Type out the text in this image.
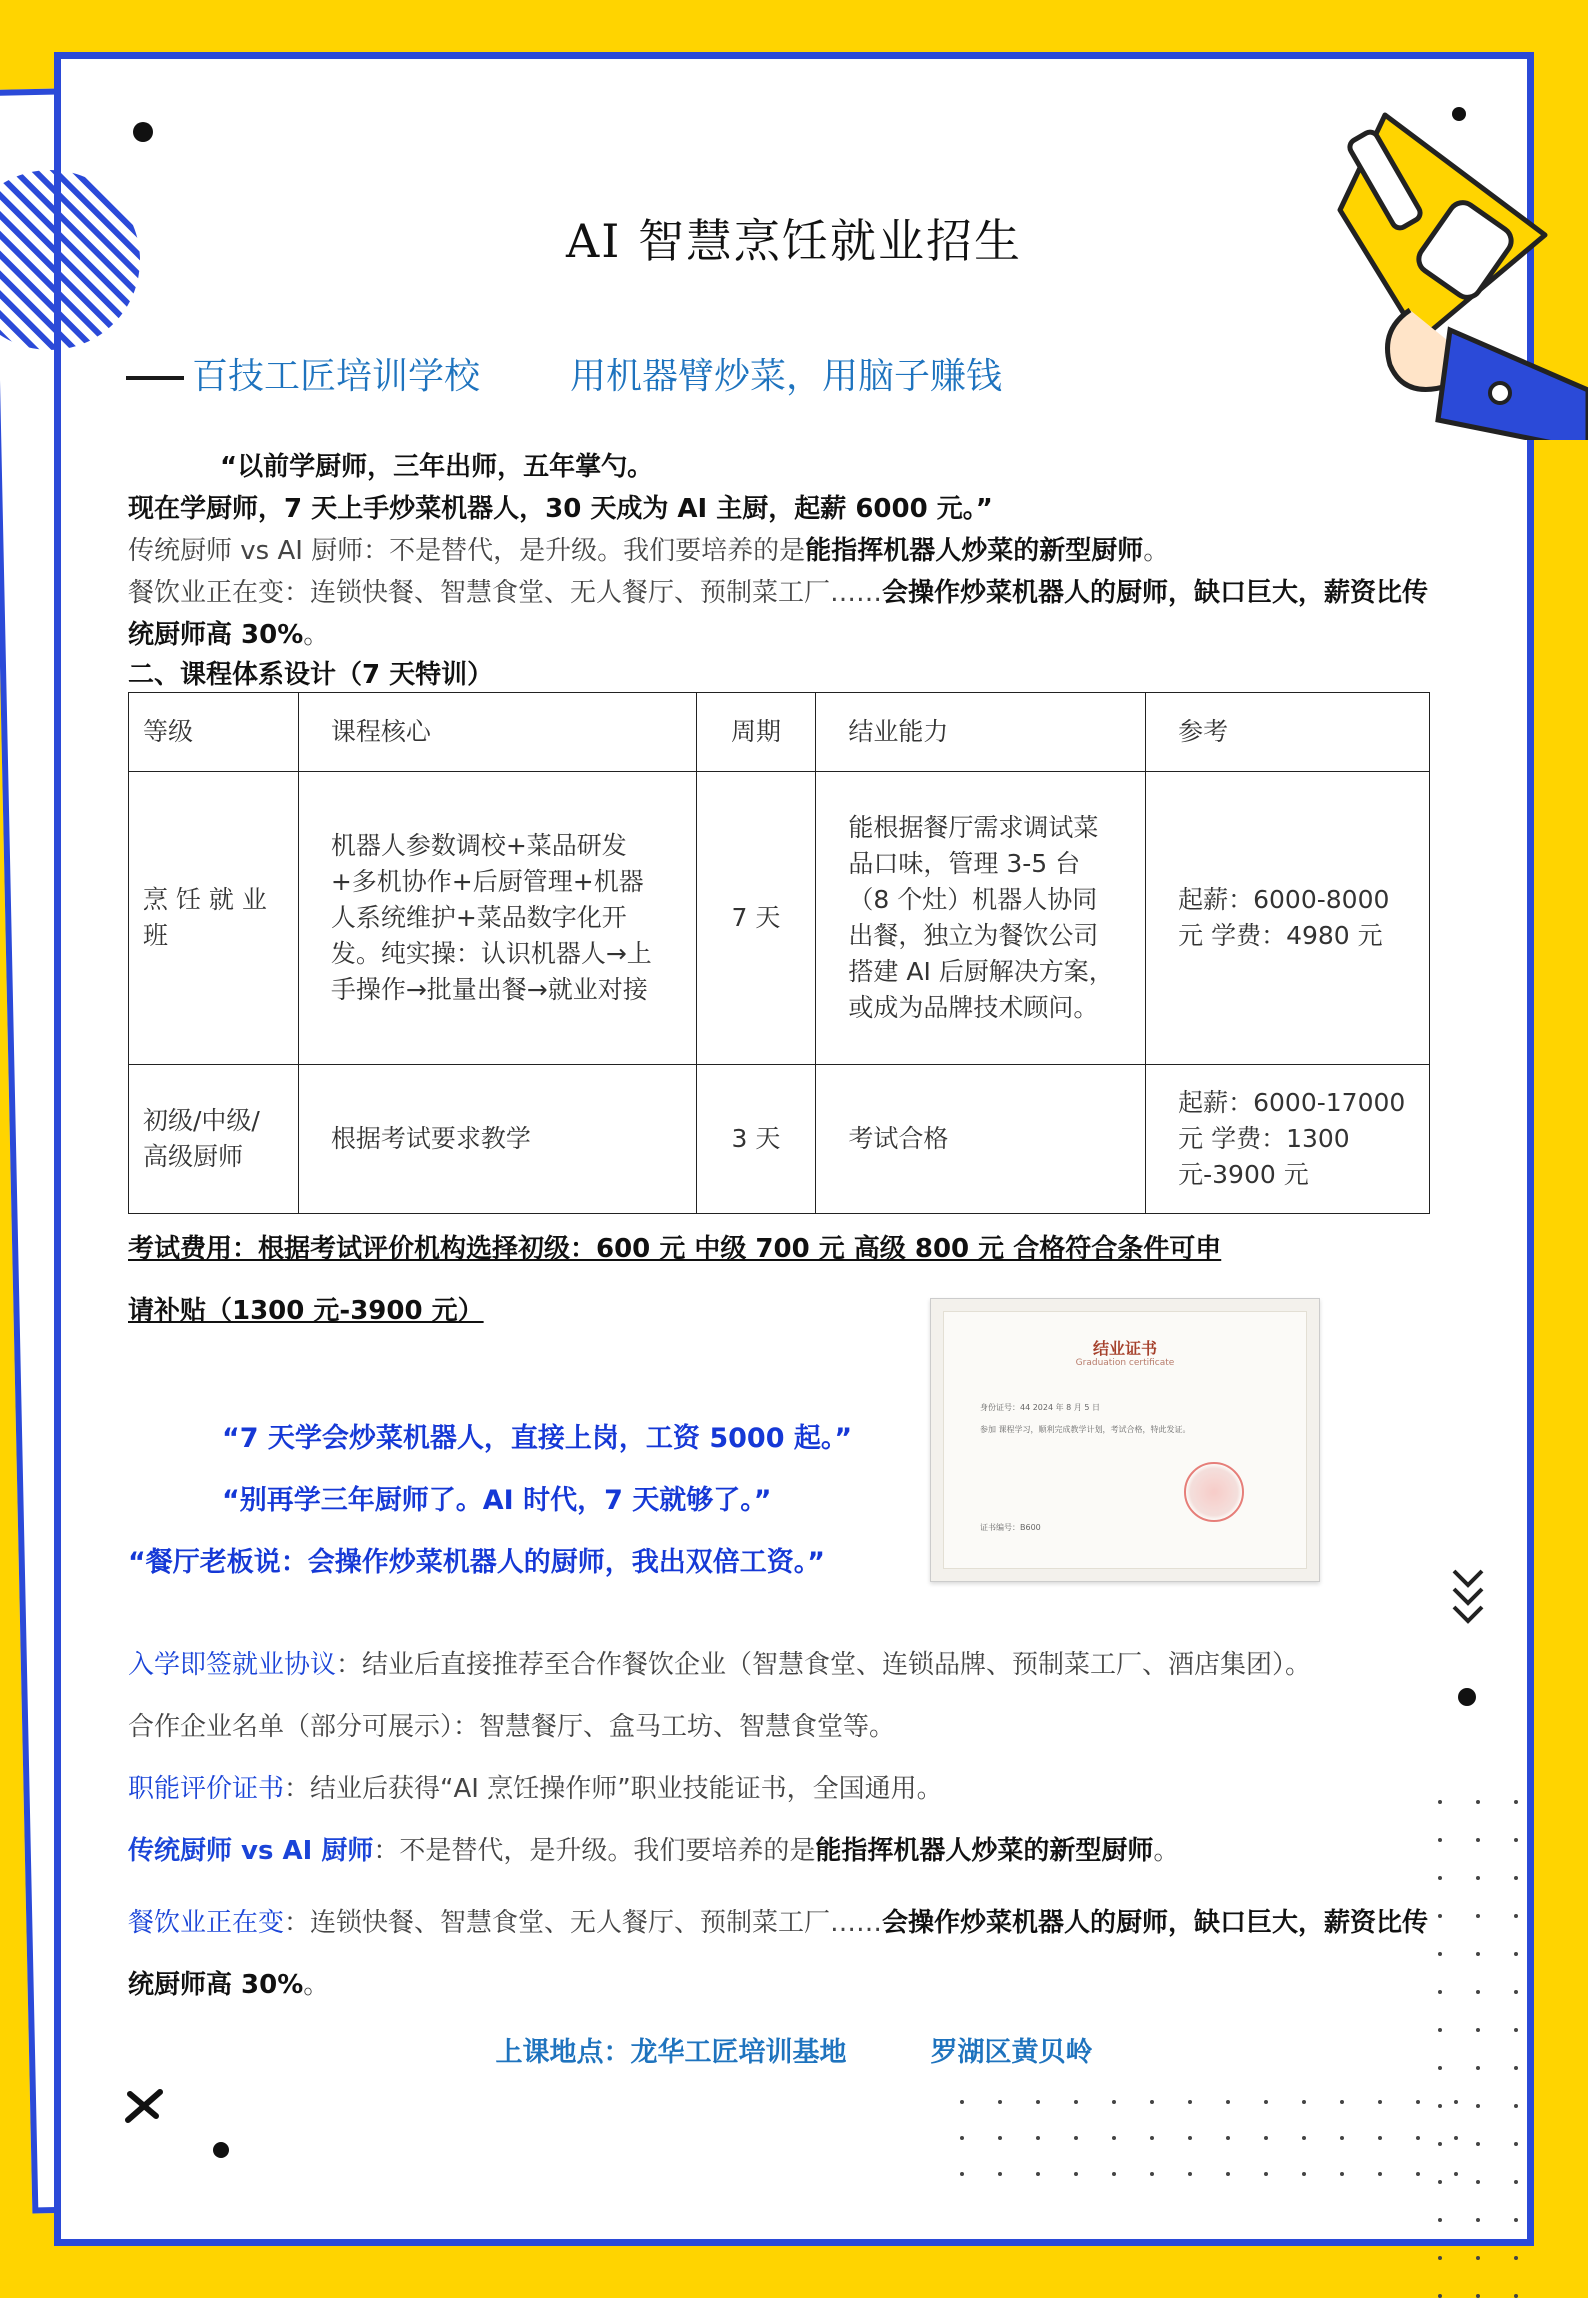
AI 智慧烹饪就业招生
百技工匠培训学校	用机器臂炒菜，用脑子赚钱
“以前学厨师，三年出师，五年掌勺。
现在学厨师，7 天上手炒菜机器人，30 天成为 AI 主厨，起薪 6000 元。”
传统厨师 vs AI 厨师：不是替代，是升级。我们要培养的是能指挥机器人炒菜的新型厨师。
餐饮业正在变：连锁快餐、智慧食堂、无人餐厅、预制菜工厂……会操作炒菜机器人的厨师，缺口巨大，薪资比传统厨师高 30%。
二、课程体系设计（7 天特训）
等级	课程核心	周期	结业能力	参考
烹 饪 就 业 班	机器人参数调校+菜品研发+多机协作+后厨管理+机器人系统维护+菜品数字化开发。纯实操：认识机器人→上手操作→批量出餐→就业对接	7 天	能根据餐厅需求调试菜品口味，管理 3-5 台（8 个灶）机器人协同出餐，独立为餐饮公司搭建 AI 后厨解决方案，或成为品牌技术顾问。	起薪：6000-8000 元 学费：4980 元
初级/中级/高级厨师	根据考试要求教学	3 天	考试合格	起薪：6000-17000 元 学费：1300 元-3900 元
考试费用：根据考试评价机构选择初级：600 元 中级 700 元 高级 800 元 合格符合条件可申
请补贴（1300 元-3900 元）
“7 天学会炒菜机器人，直接上岗，工资 5000 起。”
“别再学三年厨师了。AI 时代，7 天就够了。”
“餐厅老板说：会操作炒菜机器人的厨师，我出双倍工资。”
结业证书
Graduation certificate
身份证号：44 2024 年 8 月 5 日
参加 课程学习，顺利完成教学计划，考试合格，特此发证。
证书编号：B600
入学即签就业协议：结业后直接推荐至合作餐饮企业（智慧食堂、连锁品牌、预制菜工厂、酒店集团）。
合作企业名单（部分可展示）：智慧餐厅、盒马工坊、智慧食堂等。
职能评价证书：结业后获得“AI 烹饪操作师”职业技能证书，全国通用。
传统厨师 vs AI 厨师：不是替代，是升级。我们要培养的是能指挥机器人炒菜的新型厨师。
餐饮业正在变：连锁快餐、智慧食堂、无人餐厅、预制菜工厂……会操作炒菜机器人的厨师，缺口巨大，薪资比传统厨师高 30%。
上课地点：龙华工匠培训基地	罗湖区黄贝岭
